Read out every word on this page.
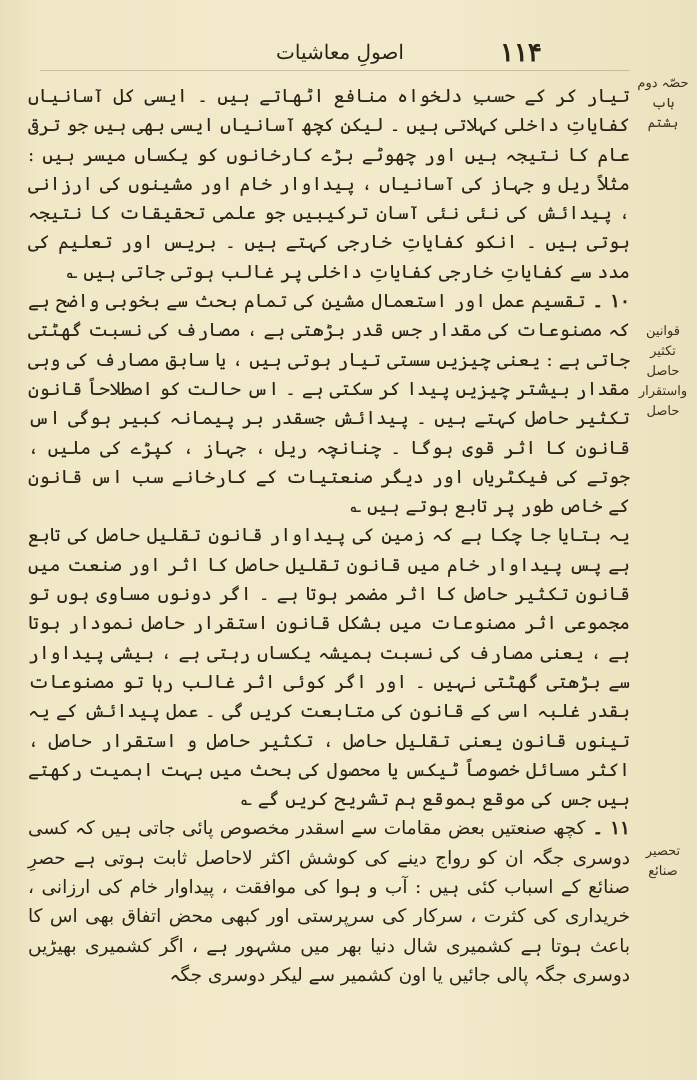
اصولِ معاشیات	۱۱۴
حصّہ دوم
باب ہشتم
قوانین
تکثیر حاصل
واستقرار
حاصل
تحصیر
صنائع

تیار کر کے حسبِ دلخواہ منافع اٹھاتے ہیں ۔ ایسی کل آسانیاں کفایاتِ داخلی کہلاتی ہیں ۔ لیکن کچھ آسانیاں ایسی بھی ہیں جو ترقی عام کا نتیجہ ہیں اور چھوٹے بڑے کارخانوں کو یکساں میسر ہیں : مثلاً ریل و جہاز کی آسانیاں ، پیداوار خام اور مشینوں کی ارزانی ، پیدائش کی نئی نئی آسان ترکیبیں جو علمی تحقیقات کا نتیجہ ہوتی ہیں ۔ انکو کفایاتِ خارجی کہتے ہیں ۔ بریس اور تعلیم کی مدد سے کفایاتِ خارجی کفایاتِ داخلی پر غالب ہوتی جاتی ہیں ؎

۱۰ ۔ تقسیم عمل اور استعمال مشین کی تمام بحث سے بخوبی واضح ہے کہ مصنوعات کی مقدار جس قدر بڑھتی ہے ، مصارف کی نسبت گھٹتی جاتی ہے : یعنی چیزیں سستی تیار ہوتی ہیں ، یا سابق مصارف کی وہی مقدار بیشتر چیزیں پیدا کر سکتی ہے ۔ اس حالت کو اصطلاحاً قانون تکثیر حاصل کہتے ہیں ۔ پیدائش جسقدر بر پیمانہ کبیر ہوگی اس قانون کا اثر قوی ہوگا ۔ چنانچہ ریل ، جہاز ، کپڑے کی ملیں ، جوتے کی فیکٹریاں اور دیگر صنعتیات کے کارخانے سب اس قانون کے خاص طور پر تابع ہوتے ہیں ؎

یہ بتایا جا چکا ہے کہ زمین کی پیداوار قانون تقلیل حاصل کی تابع ہے پس پیداوار خام میں قانون تقلیل حاصل کا اثر اور صنعت میں قانون تکثیر حاصل کا اثر مضمر ہوتا ہے ۔ اگر دونوں مساوی ہوں تو مجموعی اثر مصنوعات میں بشکل قانون استقرار حاصل نمودار ہوتا ہے ، یعنی مصارف کی نسبت ہمیشہ یکساں رہتی ہے ، بیشی پیداوار سے بڑھتی گھٹتی نہیں ۔ اور اگر کوئی اثر غالب رہا تو مصنوعات بقدر غلبہ اسی کے قانون کی متابعت کریں گی ۔ عمل پیدائش کے یہ تینوں قانون یعنی تقلیل حاصل ، تکثیر حاصل و استقرار حاصل ، اکثر مسائل خصوصاً ٹیکس یا محصول کی بحث میں بہت اہمیت رکھتے ہیں جس کی موقع بموقع ہم تشریح کریں گے ؎

۱۱ ۔ کچھ صنعتیں بعض مقامات سے اسقدر مخصوص پائی جاتی ہیں کہ کسی دوسری جگہ ان کو رواج دینے کی کوشش اکثر لاحاصل ثابت ہوتی ہے حصرِ صنائع کے اسباب کئی ہیں : آب و ہوا کی موافقت ، پیداوار خام کی ارزانی ، خریداری کی کثرت ، سرکار کی سرپرستی اور کبھی محض اتفاق بھی اس کا باعث ہوتا ہے کشمیری شال دنیا بھر میں مشہور ہے ، اگر کشمیری بھیڑیں دوسری جگہ پالی جائیں یا اون کشمیر سے لیکر دوسری جگہ
